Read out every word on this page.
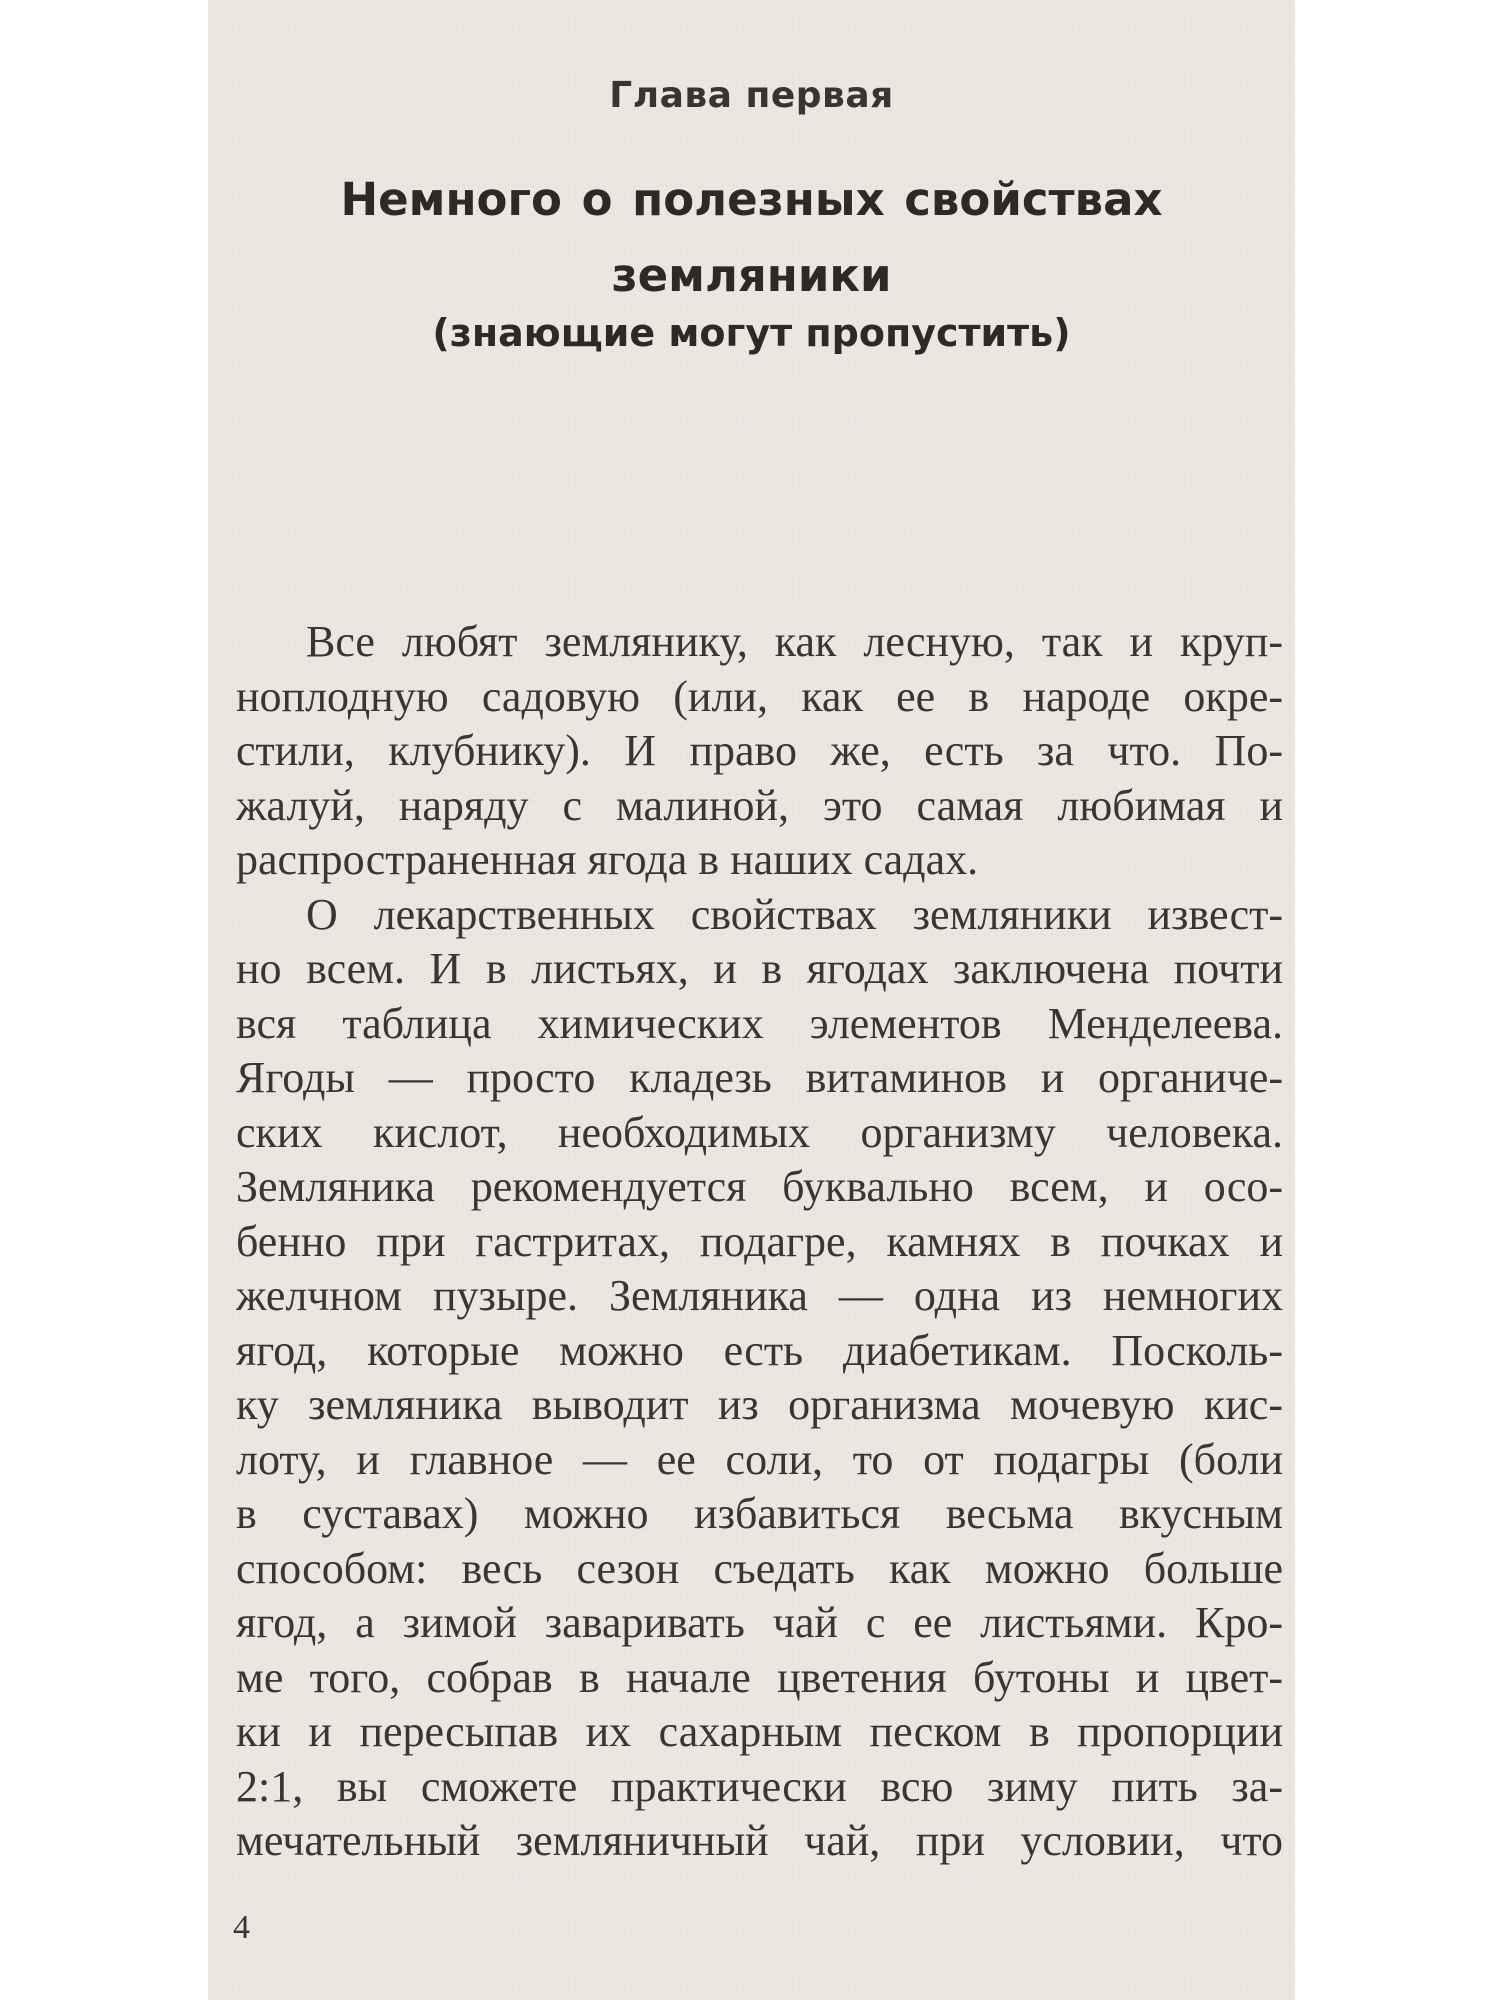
Глава первая
Немного о полезных свойствах
земляники
(знающие могут пропустить)
Все любят землянику, как лесную, так и круп-
ноплодную садовую (или, как ее в народе окре-
стили, клубнику). И право же, есть за что. По-
жалуй, наряду с малиной, это самая любимая и
распространенная ягода в наших садах.
О лекарственных свойствах земляники извест-
но всем. И в листьях, и в ягодах заключена почти
вся таблица химических элементов Менделеева.
Ягоды — просто кладезь витаминов и органиче-
ских кислот, необходимых организму человека.
Земляника рекомендуется буквально всем, и осо-
бенно при гастритах, подагре, камнях в почках и
желчном пузыре. Земляника — одна из немногих
ягод, которые можно есть диабетикам. Посколь-
ку земляника выводит из организма мочевую кис-
лоту, и главное — ее соли, то от подагры (боли
в суставах) можно избавиться весьма вкусным
способом: весь сезон съедать как можно больше
ягод, а зимой заваривать чай с ее листьями. Кро-
ме того, собрав в начале цветения бутоны и цвет-
ки и пересыпав их сахарным песком в пропорции
2:1, вы сможете практически всю зиму пить за-
мечательный земляничный чай, при условии, что
4
